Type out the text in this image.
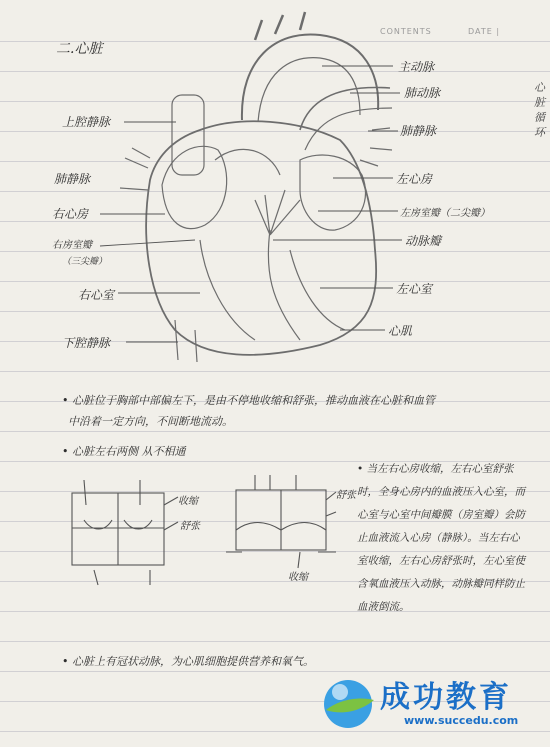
CONTENTS	DATE |
二.心脏
心脏循环
主动脉
肺动脉
肺静脉
左心房
左房室瓣（二尖瓣）
动脉瓣
左心室
心肌
上腔静脉
肺静脉
右心房
右房室瓣
（三尖瓣）
右心室
下腔静脉
• 心脏位于胸部中部偏左下，是由不停地收缩和舒张，推动血液在心脏和血管
中沿着一定方向，不间断地流动。
• 心脏左右两侧 从不相通
收缩
舒张
舒张
收缩
• 当左右心房收缩，左右心室舒张时，全身心房内的血液压入心室，而心室与心室中间瓣膜（房室瓣）会防止血液流入心房（静脉）。当左右心室收缩，左右心房舒张时，左心室使含氧血液压入动脉，动脉瓣同样防止血液倒流。
• 心脏上有冠状动脉，为心肌细胞提供营养和氧气。
成功教育
www.succedu.com
